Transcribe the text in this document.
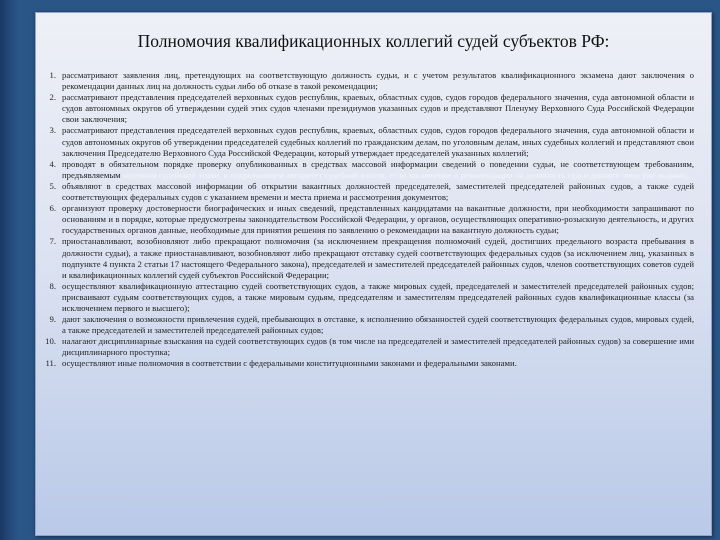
Полномочия квалификационных коллегий судей субъектов РФ:
1. рассматривают заявления лиц, претендующих на соответствующую должность судьи, и с учетом результатов квалификационного экзамена дают заключения о рекомендации данных лиц на должность судьи либо об отказе в такой рекомендации;
2. рассматривают представления председателей верховных судов республик, краевых, областных судов, судов городов федерального значения, суда автономной области и судов автономных округов об утверждении судей этих судов членами президиумов указанных судов и представляют Пленуму Верховного Суда Российской Федерации свои заключения;
3. рассматривают представления председателей верховных судов республик, краевых, областных судов, судов городов федерального значения, суда автономной области и судов автономных округов об утверждении председателей судебных коллегий по гражданским делам, по уголовным делам, иных судебных коллегий и представляют свои заключения Председателю Верховного Суда Российской Федерации, который утверждает председателей указанных коллегий;
4. проводят в обязательном порядке проверку опубликованных в средствах массовой информации сведений о поведении судьи, не соответствующем требованиям, предъявляемым кодексом судейской этики, и подрывающем авторитет судебной власти, если заключение о рекомендации на должность судьи данного лица уже выдано;
5. объявляют в средствах массовой информации об открытии вакантных должностей председателей, заместителей председателей районных судов, а также судей соответствующих федеральных судов с указанием времени и места приема и рассмотрения документов;
6. организуют проверку достоверности биографических и иных сведений, представленных кандидатами на вакантные должности, при необходимости запрашивают по основаниям и в порядке, которые предусмотрены законодательством Российской Федерации, у органов, осуществляющих оперативно-розыскную деятельность, и других государственных органов данные, необходимые для принятия решения по заявлению о рекомендации на вакантную должность судьи;
7. приостанавливают, возобновляют либо прекращают полномочия (за исключением прекращения полномочий судей, достигших предельного возраста пребывания в должности судьи), а также приостанавливают, возобновляют либо прекращают отставку судей соответствующих федеральных судов (за исключением лиц, указанных в подпункте 4 пункта 2 статьи 17 настоящего Федерального закона), председателей и заместителей председателей районных судов, членов соответствующих советов судей и квалификационных коллегий судей субъектов Российской Федерации;
8. осуществляют квалификационную аттестацию судей соответствующих судов, а также мировых судей, председателей и заместителей председателей районных судов; присваивают судьям соответствующих судов, а также мировым судьям, председателям и заместителям председателей районных судов квалификационные классы (за исключением первого и высшего);
9. дают заключения о возможности привлечения судей, пребывающих в отставке, к исполнению обязанностей судей соответствующих федеральных судов, мировых судей, а также председателей и заместителей председателей районных судов;
10. налагают дисциплинарные взыскания на судей соответствующих судов (в том числе на председателей и заместителей председателей районных судов) за совершение ими дисциплинарного проступка;
11. осуществляют иные полномочия в соответствии с федеральными конституционными законами и федеральными законами.
